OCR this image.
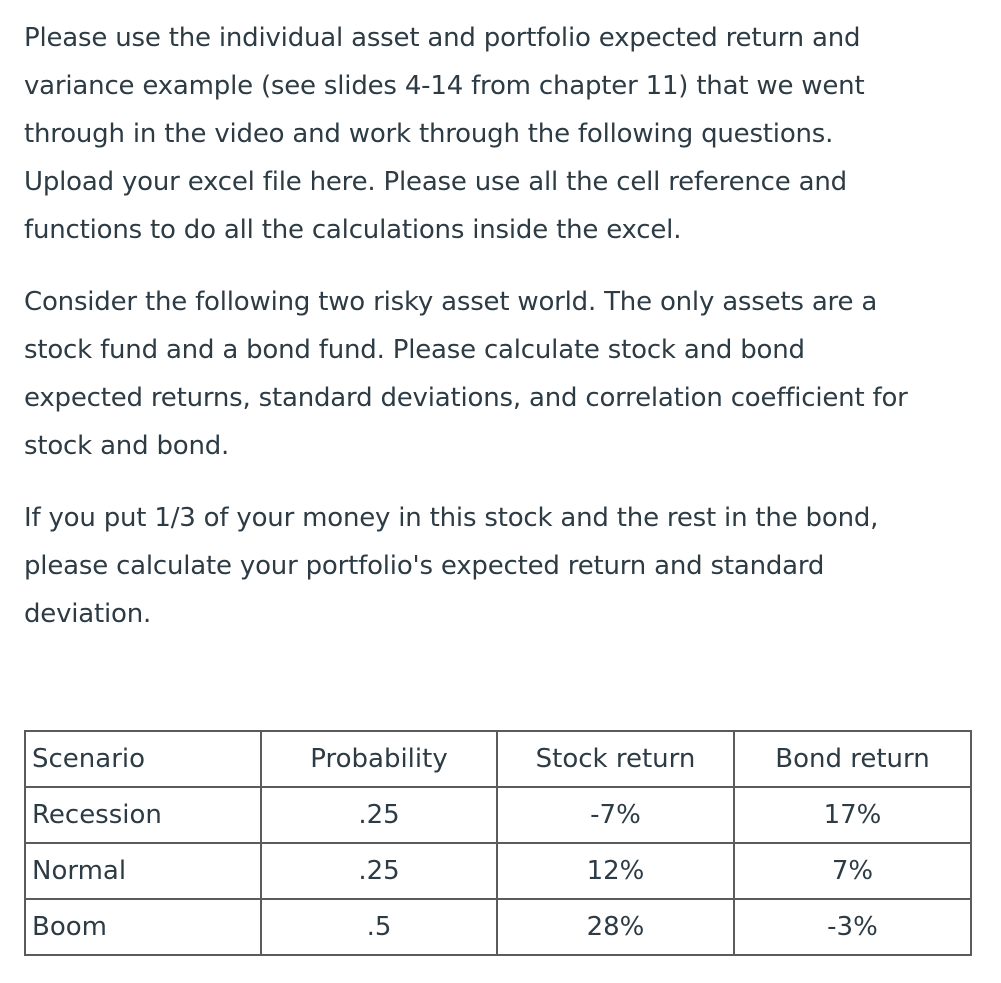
Please use the individual asset and portfolio expected return and
variance example (see slides 4-14 from chapter 11) that we went
through in the video and work through the following questions.
Upload your excel file here. Please use all the cell reference and
functions to do all the calculations inside the excel.

Consider the following two risky asset world. The only assets are a
stock fund and a bond fund. Please calculate stock and bond
expected returns, standard deviations, and correlation coefficient for
stock and bond.

If you put 1/3 of your money in this stock and the rest in the bond,
please calculate your portfolio's expected return and standard
deviation.

Scenario	Probability	Stock return	Bond return
Recession	.25	-7%	17%
Normal	.25	12%	7%
Boom	.5	28%	-3%
